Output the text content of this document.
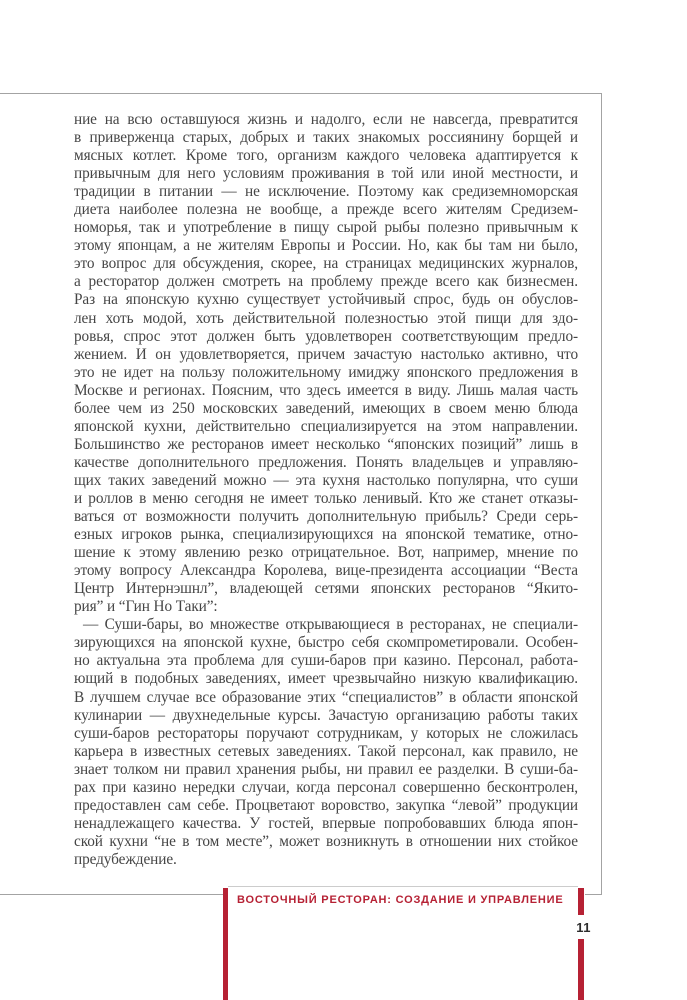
ние на всю оставшуюся жизнь и надолго, если не навсегда, превратится
в приверженца старых, добрых и таких знакомых россиянину борщей и
мясных котлет. Кроме того, организм каждого человека адаптируется к
привычным для него условиям проживания в той или иной местности, и
традиции в питании — не исключение. Поэтому как средиземноморская
диета наиболее полезна не вообще, а прежде всего жителям Средизем-
номорья, так и употребление в пищу сырой рыбы полезно привычным к
этому японцам, а не жителям Европы и России. Но, как бы там ни было,
это вопрос для обсуждения, скорее, на страницах медицинских журналов,
а ресторатор должен смотреть на проблему прежде всего как бизнесмен.
Раз на японскую кухню существует устойчивый спрос, будь он обуслов-
лен хоть модой, хоть действительной полезностью этой пищи для здо-
ровья, спрос этот должен быть удовлетворен соответствующим предло-
жением. И он удовлетворяется, причем зачастую настолько активно, что
это не идет на пользу положительному имиджу японского предложения в
Москве и регионах. Поясним, что здесь имеется в виду. Лишь малая часть
более чем из 250 московских заведений, имеющих в своем меню блюда
японской кухни, действительно специализируется на этом направлении.
Большинство же ресторанов имеет несколько “японских позиций” лишь в
качестве дополнительного предложения. Понять владельцев и управляю-
щих таких заведений можно — эта кухня настолько популярна, что суши
и роллов в меню сегодня не имеет только ленивый. Кто же станет отказы-
ваться от возможности получить дополнительную прибыль? Среди серь-
езных игроков рынка, специализирующихся на японской тематике, отно-
шение к этому явлению резко отрицательное. Вот, например, мнение по
этому вопросу Александра Королева, вице-президента ассоциации “Веста
Центр Интернэшнл”, владеющей сетями японских ресторанов “Якито-
рия” и “Гин Но Таки”:
— Суши-бары, во множестве открывающиеся в ресторанах, не специали-
зирующихся на японской кухне, быстро себя скомпрометировали. Особен-
но актуальна эта проблема для суши-баров при казино. Персонал, работа-
ющий в подобных заведениях, имеет чрезвычайно низкую квалификацию.
В лучшем случае все образование этих “специалистов” в области японской
кулинарии — двухнедельные курсы. Зачастую организацию работы таких
суши-баров рестораторы поручают сотрудникам, у которых не сложилась
карьера в известных сетевых заведениях. Такой персонал, как правило, не
знает толком ни правил хранения рыбы, ни правил ее разделки. В суши-ба-
рах при казино нередки случаи, когда персонал совершенно бесконтролен,
предоставлен сам себе. Процветают воровство, закупка “левой” продукции
ненадлежащего качества. У гостей, впервые попробовавших блюда япон-
ской кухни “не в том месте”, может возникнуть в отношении них стойкое
предубеждение.
ВОСТОЧНЫЙ РЕСТОРАН: СОЗДАНИЕ И УПРАВЛЕНИЕ
11
